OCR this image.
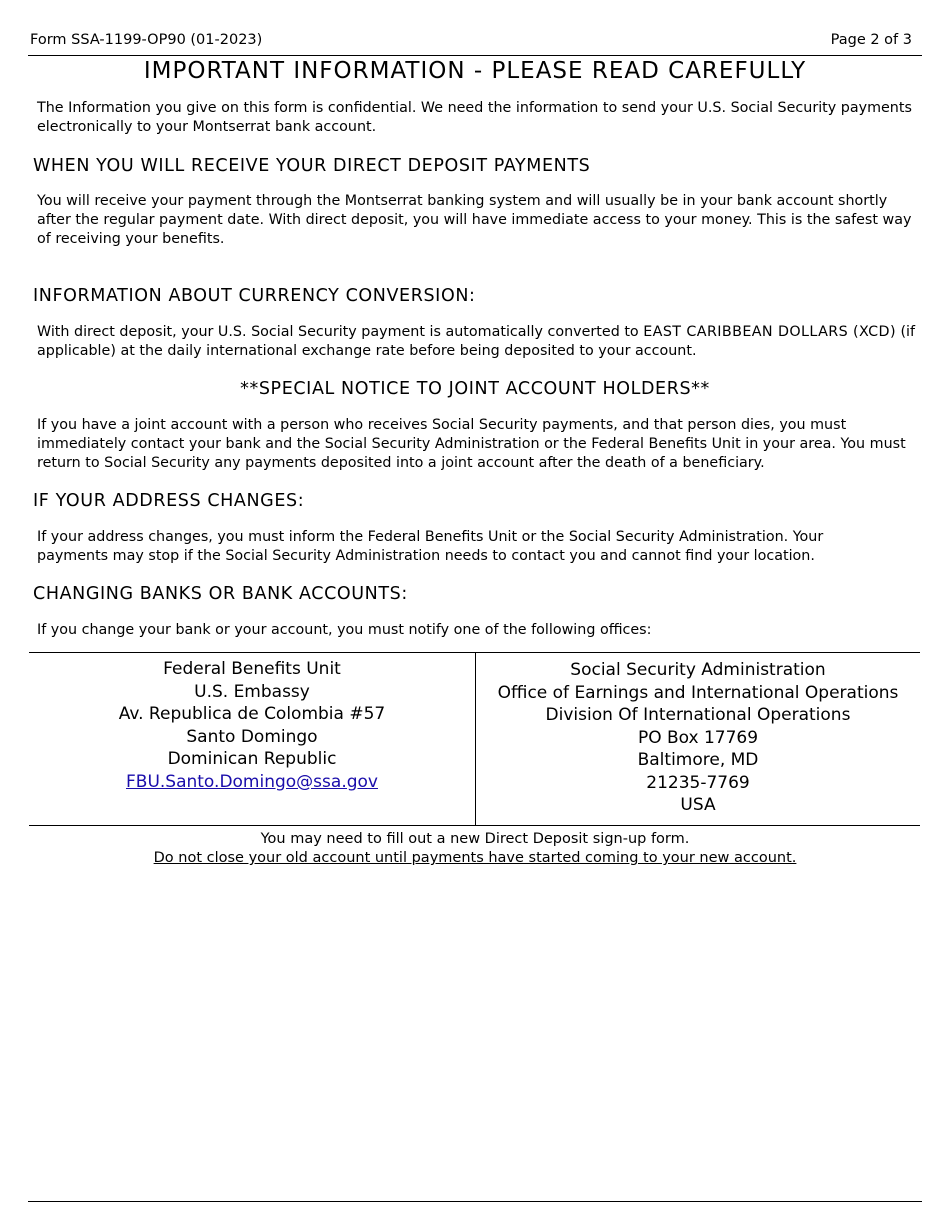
Form SSA-1199-OP90 (01-2023)	Page 2 of 3
IMPORTANT INFORMATION - PLEASE READ CAREFULLY

The Information you give on this form is confidential. We need the information to send your U.S. Social Security payments electronically to your Montserrat bank account.

WHEN YOU WILL RECEIVE YOUR DIRECT DEPOSIT PAYMENTS

You will receive your payment through the Montserrat banking system and will usually be in your bank account shortly after the regular payment date. With direct deposit, you will have immediate access to your money. This is the safest way of receiving your benefits.

INFORMATION ABOUT CURRENCY CONVERSION:

With direct deposit, your U.S. Social Security payment is automatically converted to EAST CARIBBEAN DOLLARS (XCD) (if applicable) at the daily international exchange rate before being deposited to your account.

**SPECIAL NOTICE TO JOINT ACCOUNT HOLDERS**

If you have a joint account with a person who receives Social Security payments, and that person dies, you must immediately contact your bank and the Social Security Administration or the Federal Benefits Unit in your area. You must return to Social Security any payments deposited into a joint account after the death of a beneficiary.

IF YOUR ADDRESS CHANGES:

If your address changes, you must inform the Federal Benefits Unit or the Social Security Administration. Your
payments may stop if the Social Security Administration needs to contact you and cannot find your location.

CHANGING BANKS OR BANK ACCOUNTS:

If you change your bank or your account, you must notify one of the following offices:

Federal Benefits Unit
U.S. Embassy
Av. Republica de Colombia #57
Santo Domingo
Dominican Republic
FBU.Santo.Domingo@ssa.gov
Social Security Administration
Office of Earnings and International Operations
Division Of International Operations
PO Box 17769
Baltimore, MD
21235-7769
USA
You may need to fill out a new Direct Deposit sign-up form.
Do not close your old account until payments have started coming to your new account.
